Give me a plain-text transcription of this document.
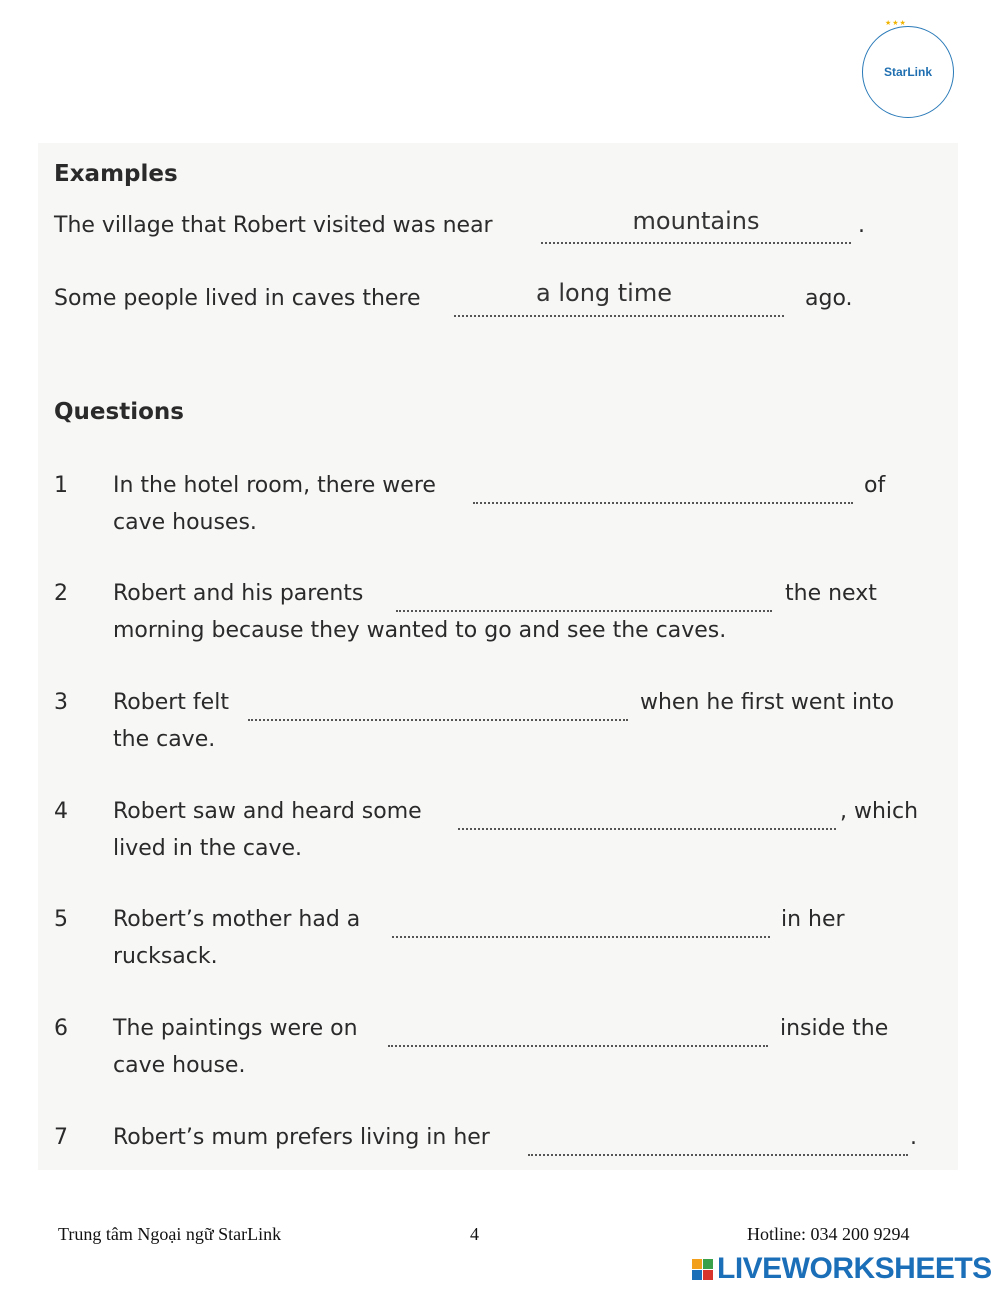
StarLink
★★★
Examples
The village that Robert visited was near	mountains	.
Some people lived in caves there	a long time	ago.
Questions
1 In the hotel room, there were	of
cave houses.
2 Robert and his parents	the next
morning because they wanted to go and see the caves.
3 Robert felt	when he first went into
the cave.
4 Robert saw and heard some	, which
lived in the cave.
5 Robert’s mother had a	in her
rucksack.
6 The paintings were on	inside the
cave house.
7 Robert’s mum prefers living in her	.
Trung tâm Ngoại ngữ StarLink	4	Hotline: 034 200 9294
LIVEWORKSHEETS
